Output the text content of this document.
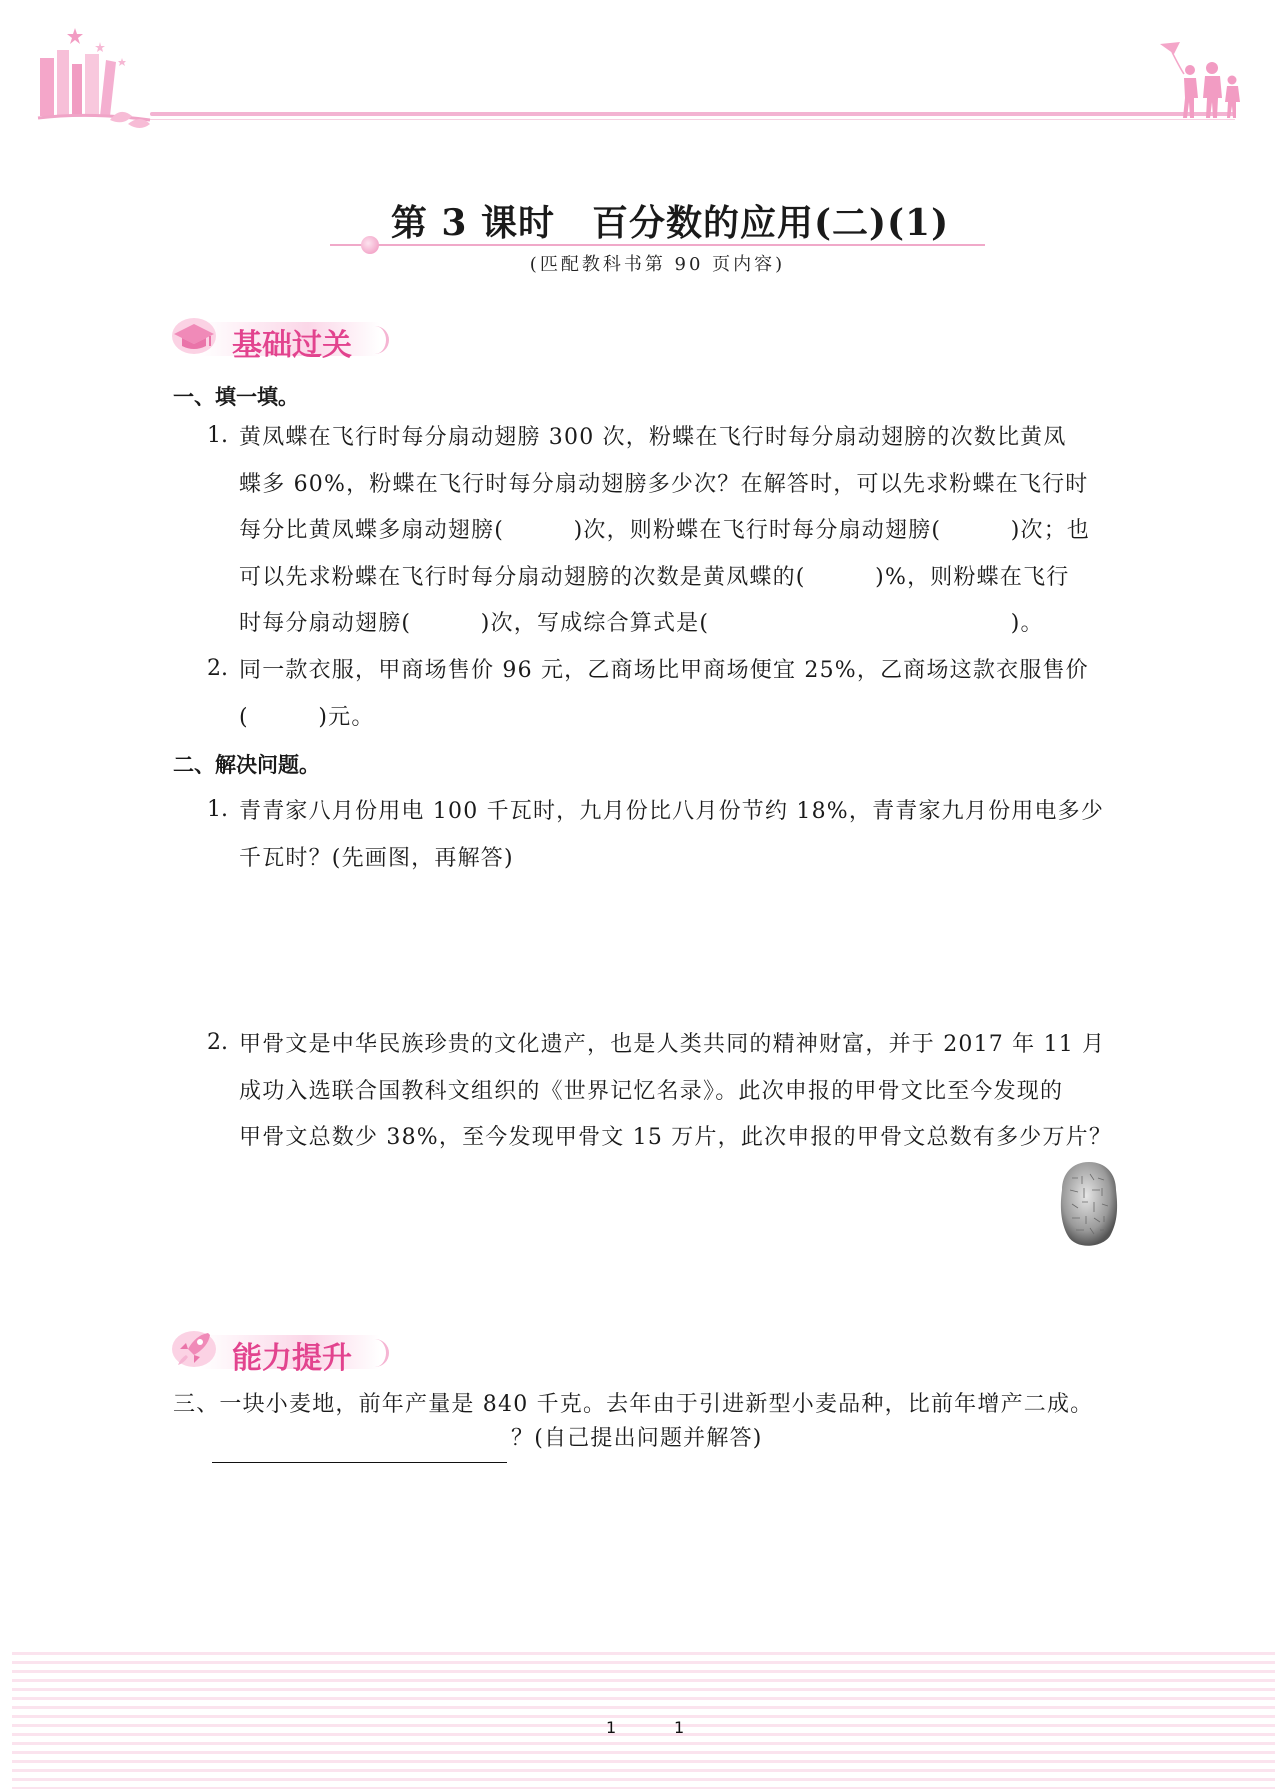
第 3 课时　百分数的应用(二)(1)
(匹配教科书第 90 页内容)
基础过关
一、填一填。
1. 黄凤蝶在飞行时每分扇动翅膀 300 次，粉蝶在飞行时每分扇动翅膀的次数比黄凤
蝶多 60%，粉蝶在飞行时每分扇动翅膀多少次？在解答时，可以先求粉蝶在飞行时
每分比黄凤蝶多扇动翅膀(　　　)次，则粉蝶在飞行时每分扇动翅膀(　　　)次；也
可以先求粉蝶在飞行时每分扇动翅膀的次数是黄凤蝶的(　　　)%，则粉蝶在飞行
时每分扇动翅膀(　　　)次，写成综合算式是(　　　　　　　　　　　　　)。
2. 同一款衣服，甲商场售价 96 元，乙商场比甲商场便宜 25%，乙商场这款衣服售价
(　　　)元。
二、解决问题。
1. 青青家八月份用电 100 千瓦时，九月份比八月份节约 18%，青青家九月份用电多少
千瓦时？(先画图，再解答)
2. 甲骨文是中华民族珍贵的文化遗产，也是人类共同的精神财富，并于 2017 年 11 月
成功入选联合国教科文组织的《世界记忆名录》。此次申报的甲骨文比至今发现的
甲骨文总数少 38%，至今发现甲骨文 15 万片，此次申报的甲骨文总数有多少万片？
能力提升
三、一块小麦地，前年产量是 840 千克。去年由于引进新型小麦品种，比前年增产二成。
？(自己提出问题并解答)
1	1
